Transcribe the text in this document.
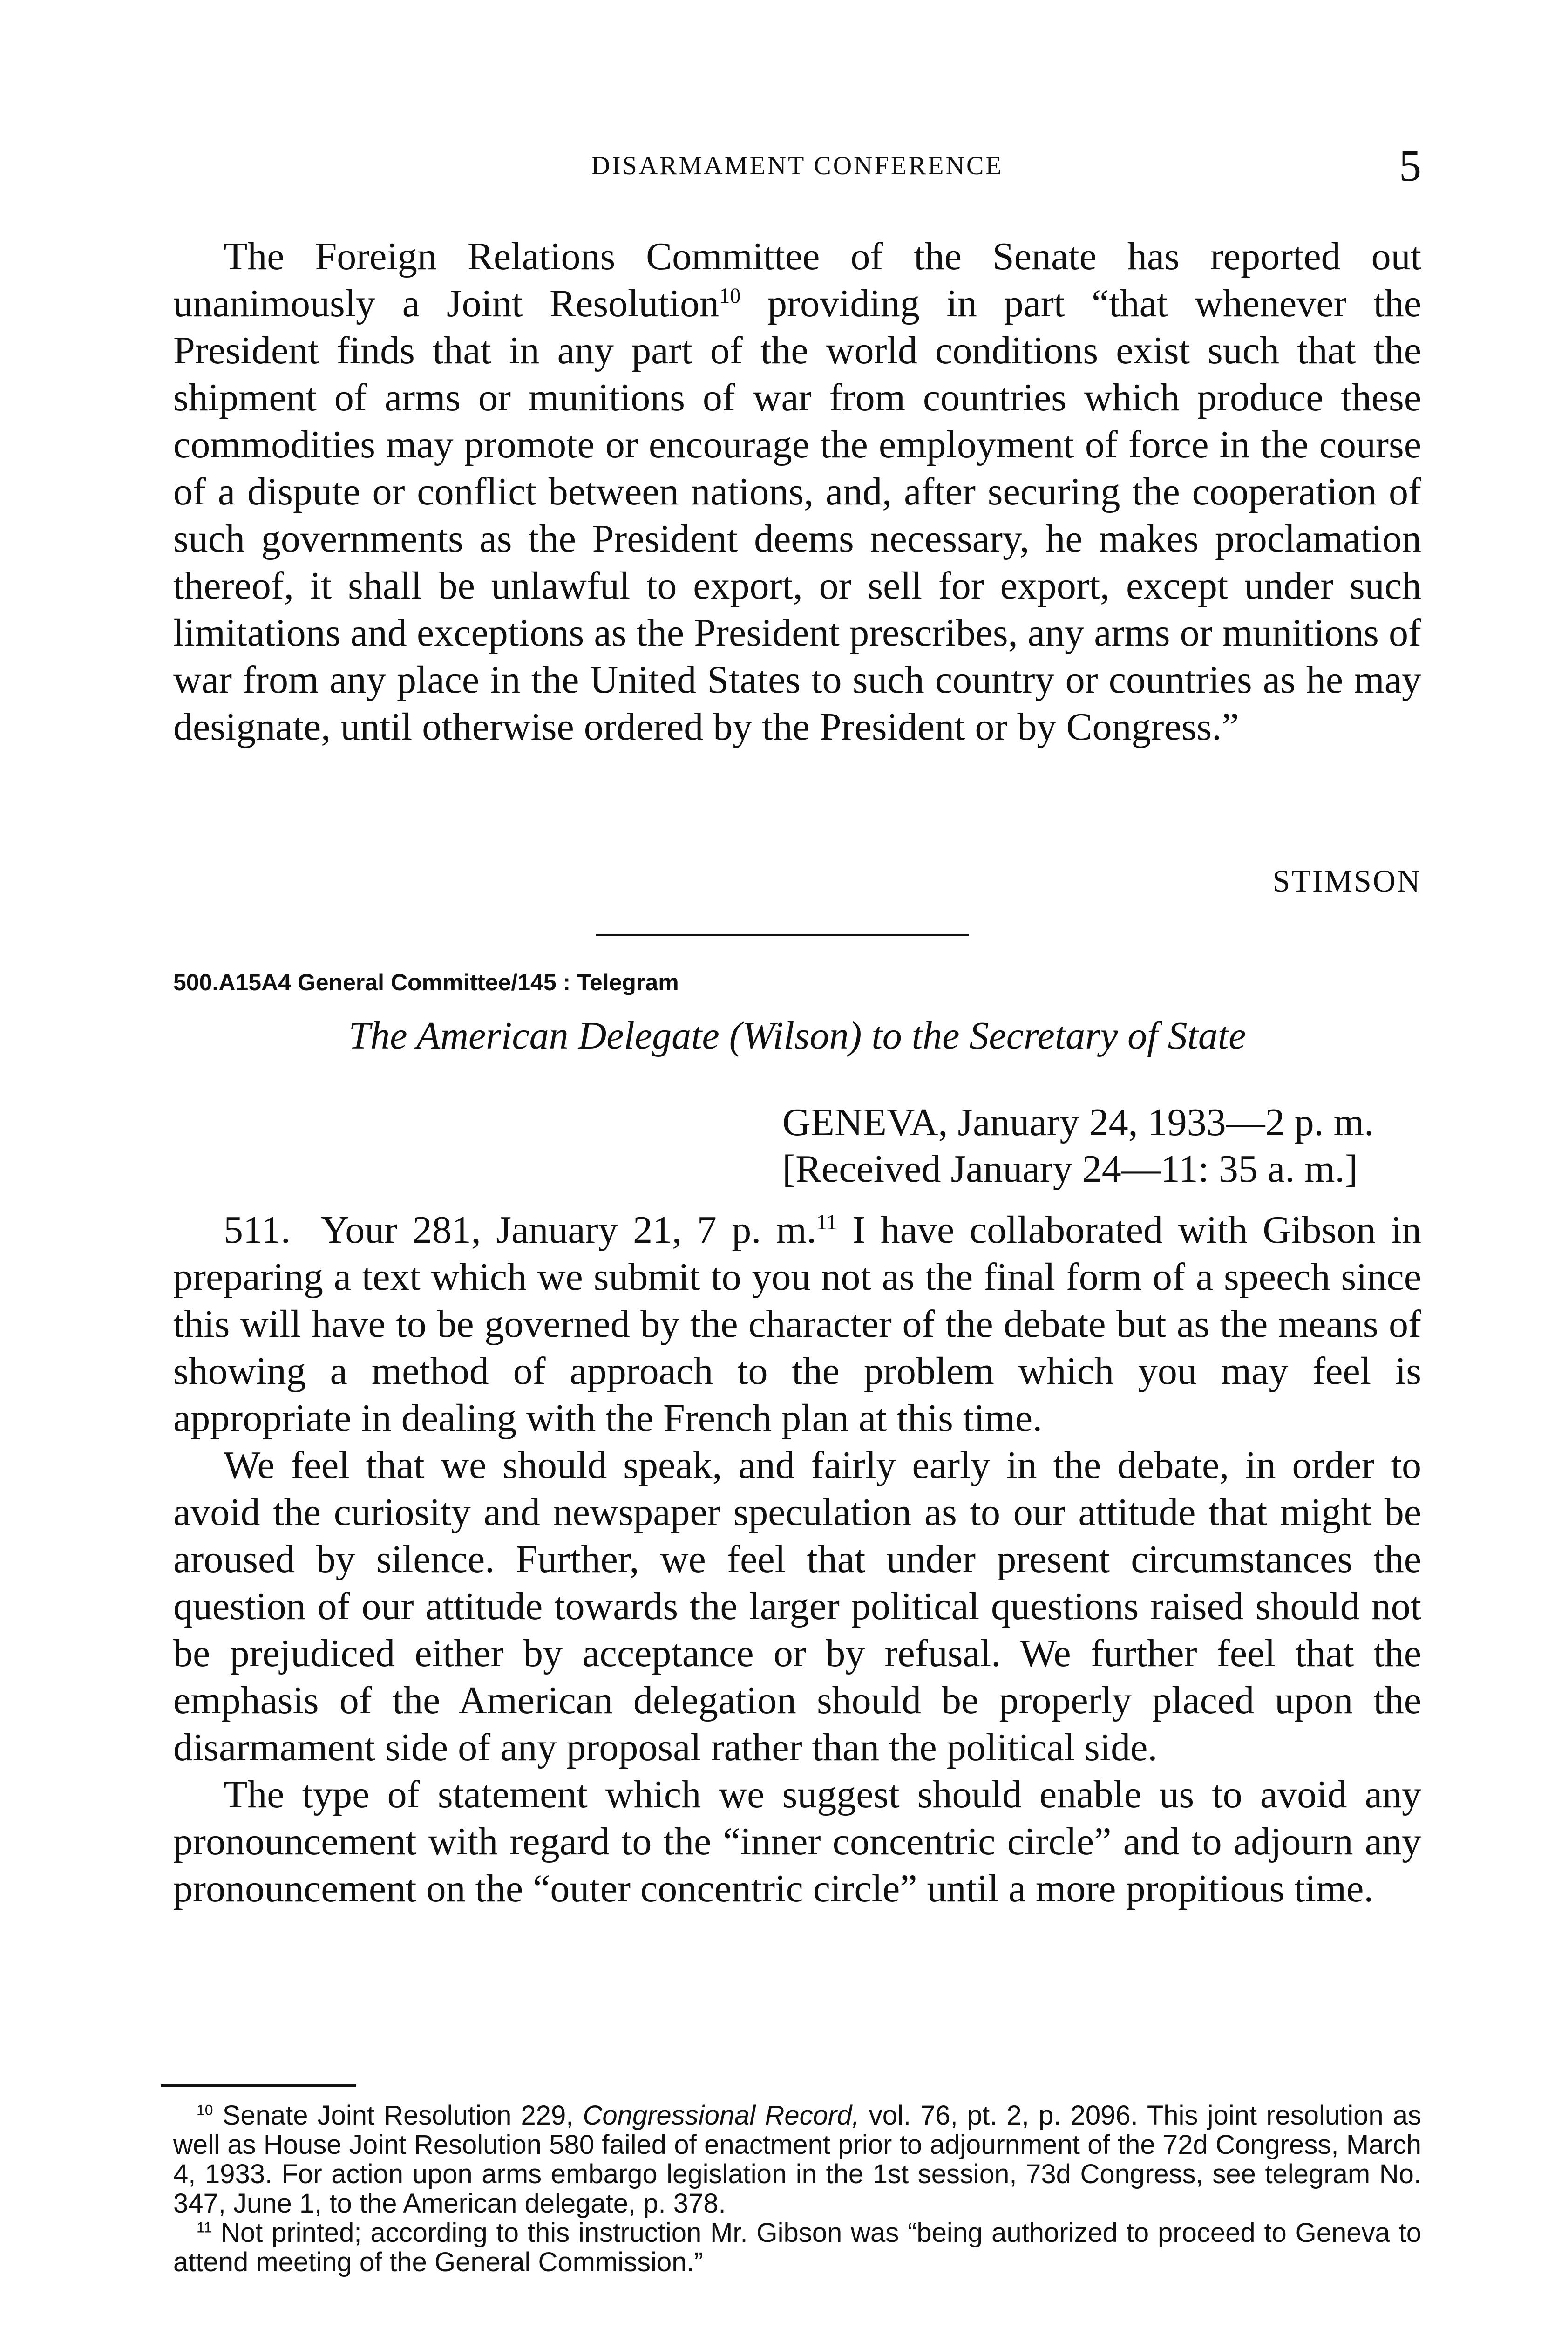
DISARMAMENT CONFERENCE	5

The Foreign Relations Committee of the Senate has reported out unanimously a Joint Resolution$^{10}$ providing in part “that whenever the President finds that in any part of the world conditions exist such that the shipment of arms or munitions of war from countries which produce these commodities may promote or encourage the employment of force in the course of a dispute or conflict between nations, and, after securing the cooperation of such governments as the President deems necessary, he makes proclamation thereof, it shall be unlawful to export, or sell for export, except under such limitations and exceptions as the President prescribes, any arms or munitions of war from any place in the United States to such country or countries as he may designate, until otherwise ordered by the President or by Congress.”

STIMSON

500.A15A4 General Committee/145 : Telegram

The American Delegate (Wilson) to the Secretary of State

GENEVA, January 24, 1933—2 p. m.
[Received January 24—11: 35 a. m.]

511. Your 281, January 21, 7 p. m.$^{11}$ I have collaborated with Gibson in preparing a text which we submit to you not as the final form of a speech since this will have to be governed by the character of the debate but as the means of showing a method of approach to the problem which you may feel is appropriate in dealing with the French plan at this time.

We feel that we should speak, and fairly early in the debate, in order to avoid the curiosity and newspaper speculation as to our attitude that might be aroused by silence. Further, we feel that under present circumstances the question of our attitude towards the larger political questions raised should not be prejudiced either by acceptance or by refusal. We further feel that the emphasis of the American delegation should be properly placed upon the disarmament side of any proposal rather than the political side.

The type of statement which we suggest should enable us to avoid any pronouncement with regard to the “inner concentric circle” and to adjourn any pronouncement on the “outer concentric circle” until a more propitious time.

$^{10}$ Senate Joint Resolution 229, Congressional Record, vol. 76, pt. 2, p. 2096. This joint resolution as well as House Joint Resolution 580 failed of enactment prior to adjournment of the 72d Congress, March 4, 1933. For action upon arms embargo legislation in the 1st session, 73d Congress, see telegram No. 347, June 1, to the American delegate, p. 378.

$^{11}$ Not printed; according to this instruction Mr. Gibson was “being authorized to proceed to Geneva to attend meeting of the General Commission.”
